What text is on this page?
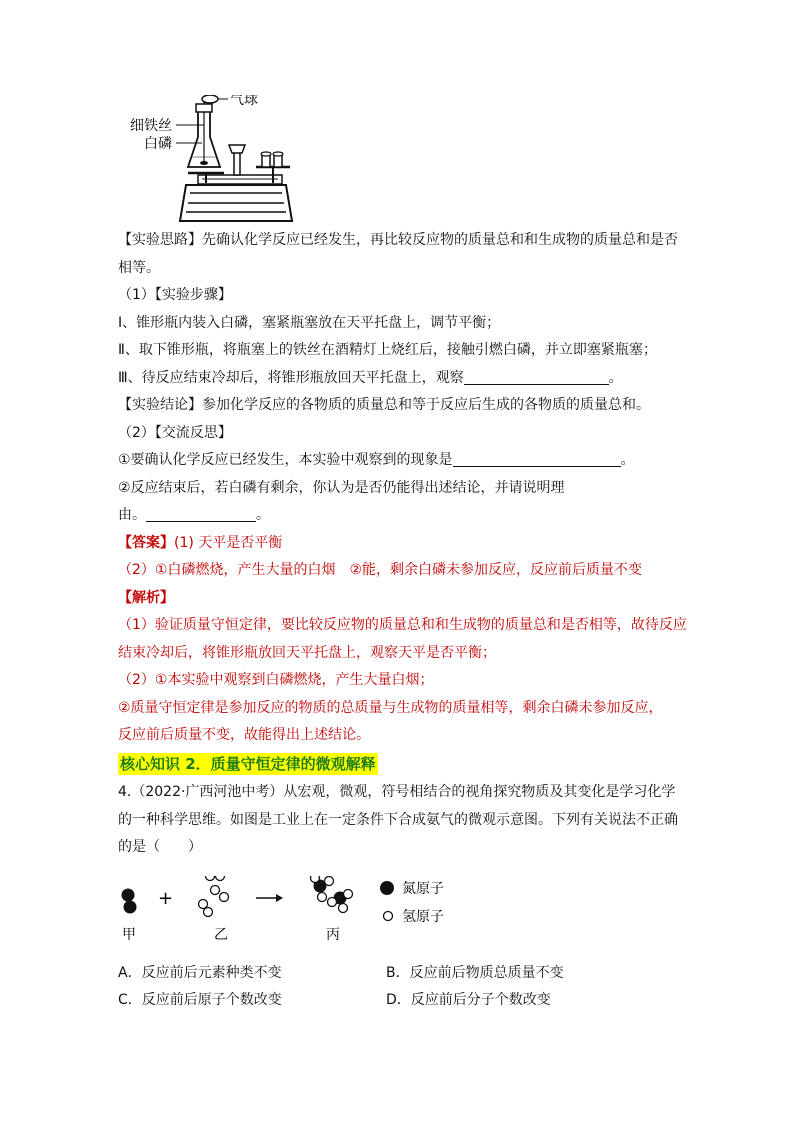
气球
细铁丝
白磷
【实验思路】先确认化学反应已经发生，再比较反应物的质量总和和生成物的质量总和是否
相等。
（1）【实验步骤】
Ⅰ、锥形瓶内装入白磷，塞紧瓶塞放在天平托盘上，调节平衡；
Ⅱ、取下锥形瓶，将瓶塞上的铁丝在酒精灯上烧红后，接触引燃白磷，并立即塞紧瓶塞；
Ⅲ、待反应结束冷却后，将锥形瓶放回天平托盘上，观察	。
【实验结论】参加化学反应的各物质的质量总和等于反应后生成的各物质的质量总和。
（2）【交流反思】
①要确认化学反应已经发生，本实验中观察到的现象是	。
②反应结束后，若白磷有剩余，你认为是否仍能得出述结论，并请说明理
由。	。
【答案】(1) 天平是否平衡
（2）①白磷燃烧，产生大量的白烟　②能，剩余白磷未参加反应，反应前后质量不变
【解析】
（1）验证质量守恒定律，要比较反应物的质量总和和生成物的质量总和是否相等，故待反应
结束冷却后，将锥形瓶放回天平托盘上，观察天平是否平衡；
（2）①本实验中观察到白磷燃烧，产生大量白烟；
②质量守恒定律是参加反应的物质的总质量与生成物的质量相等，剩余白磷未参加反应，
反应前后质量不变，故能得出上述结论。
核心知识 2．质量守恒定律的微观解释
4.（2022·广西河池中考）从宏观，微观，符号相结合的视角探究物质及其变化是学习化学
的一种科学思维。如图是工业上在一定条件下合成氨气的微观示意图。下列有关说法不正确
的是（　　）
+	氮原子
氢原子
甲	乙	丙
A．反应前后元素种类不变	B．反应前后物质总质量不变
C．反应前后原子个数改变	D．反应前后分子个数改变
